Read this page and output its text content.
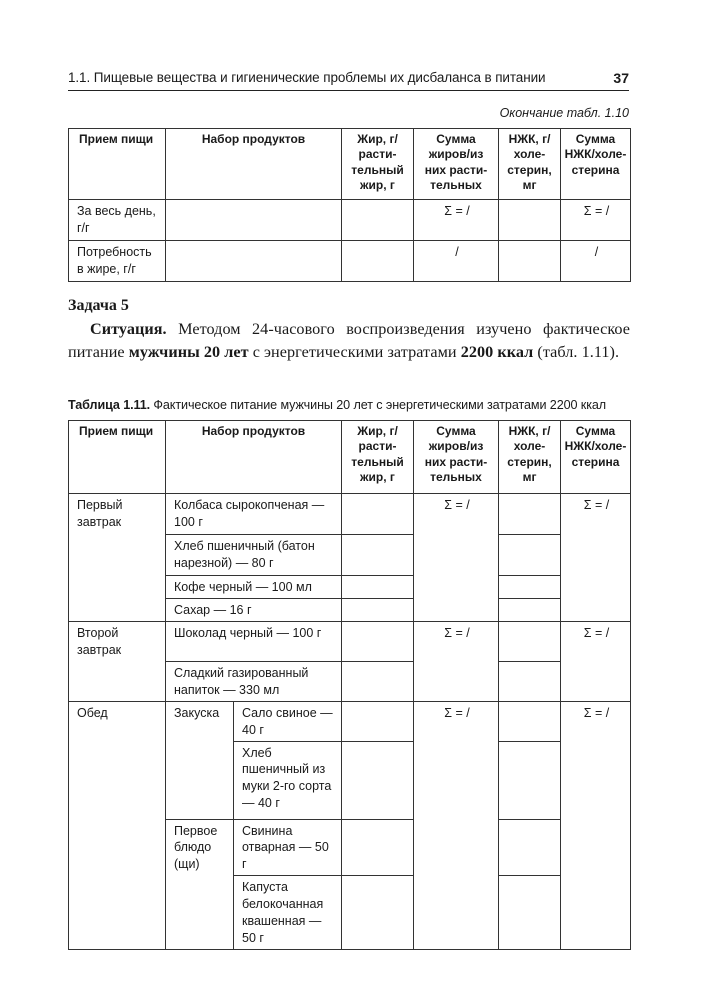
1.1. Пищевые вещества и гигиенические проблемы их дисбаланса в питании	37
Окончание табл. 1.10
Прием пищи	Набор продуктов	Жир, г/расти-тельный жир, г	Сумма жиров/из них расти-тельных	НЖК, г/холе-стерин, мг	Сумма НЖК/холе-стерина
За весь день, г/г			Σ = /		Σ = /
Потребность в жире, г/г			/		/
Задача 5
Ситуация. Методом 24-часового воспроизведения изучено фактическое питание мужчины 20 лет с энергетическими затратами 2200 ккал (табл. 1.11).
Таблица 1.11. Фактическое питание мужчины 20 лет с энергетическими затратами 2200 ккал
Прием пищи	Набор продуктов		Жир, г/расти-тельный жир, г	Сумма жиров/из них расти-тельных	НЖК, г/холе-стерин, мг	Сумма НЖК/холе-стерина
Первый завтрак	Колбаса сырокопченая — 100 г			Σ = /		Σ = /
	Хлеб пшеничный (батон нарезной) — 80 г					
	Кофе черный — 100 мл					
	Сахар — 16 г					
Второй завтрак	Шоколад черный — 100 г			Σ = /		Σ = /
	Сладкий газированный напиток — 330 мл					
Обед	Закуска	Сало свиное — 40 г		Σ = /		Σ = /
		Хлеб пшеничный из муки 2-го сорта — 40 г				
	Первое блюдо (щи)	Свинина отварная — 50 г				
		Капуста белокочанная квашенная — 50 г				
